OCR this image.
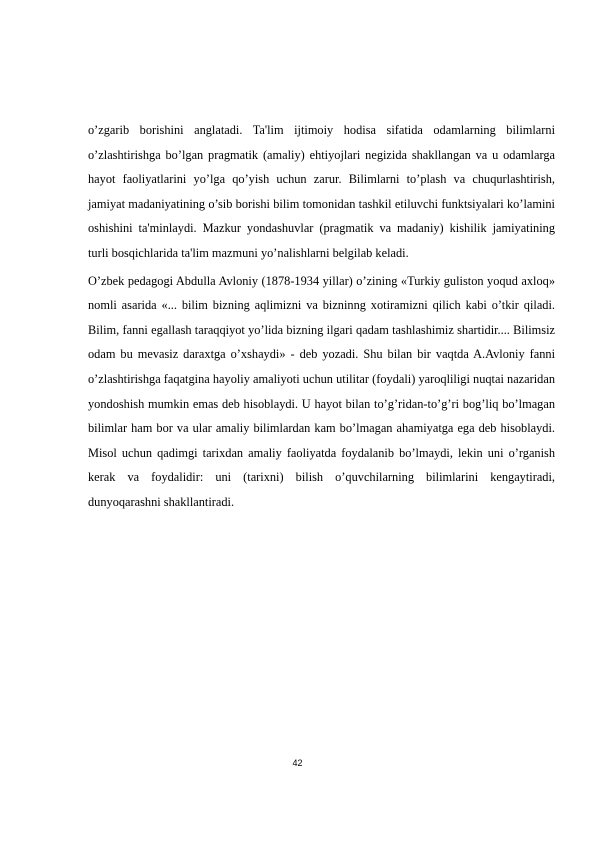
o’zgarib borishini anglatadi. Ta'lim ijtimoiy hodisa sifatida odamlarning bilimlarni o’zlashtirishga bo’lgan pragmatik (amaliy) ehtiyojlari negizida shakllangan va u odamlarga hayot faoliyatlarini yo’lga qo’yish uchun zarur. Bilimlarni to’plash va chuqurlashtirish, jamiyat madaniyatining o’sib borishi bilim tomonidan tashkil etiluvchi funktsiyalari ko’lamini oshishini ta'minlaydi. Mazkur yondashuvlar (pragmatik va madaniy) kishilik jamiyatining turli bosqichlarida ta'lim mazmuni yo’nalishlarni belgilab keladi.

O’zbek pedagogi Abdulla Avloniy (1878-1934 yillar) o’zining «Turkiy guliston yoqud axloq» nomli asarida «... bilim bizning aqlimizni va bizninng xotiramizni qilich kabi o’tkir qiladi. Bilim, fanni egallash taraqqiyot yo’lida bizning ilgari qadam tashlashimiz shartidir.... Bilimsiz odam bu mevasiz daraxtga o’xshaydi» - deb yozadi. Shu bilan bir vaqtda A.Avloniy fanni o’zlashtirishga faqatgina hayoliy amaliyoti uchun utilitar (foydali) yaroqliligi nuqtai nazaridan yondoshish mumkin emas deb hisoblaydi. U hayot bilan to’g’ridan-to’g’ri bog’liq bo’lmagan bilimlar ham bor va ular amaliy bilimlardan kam bo’lmagan ahamiyatga ega deb hisoblaydi. Misol uchun qadimgi tarixdan amaliy faoliyatda foydalanib bo’lmaydi, lekin uni o’rganish kerak va foydalidir: uni (tarixni) bilish o’quvchilarning bilimlarini kengaytiradi, dunyoqarashni shakllantiradi.

42
